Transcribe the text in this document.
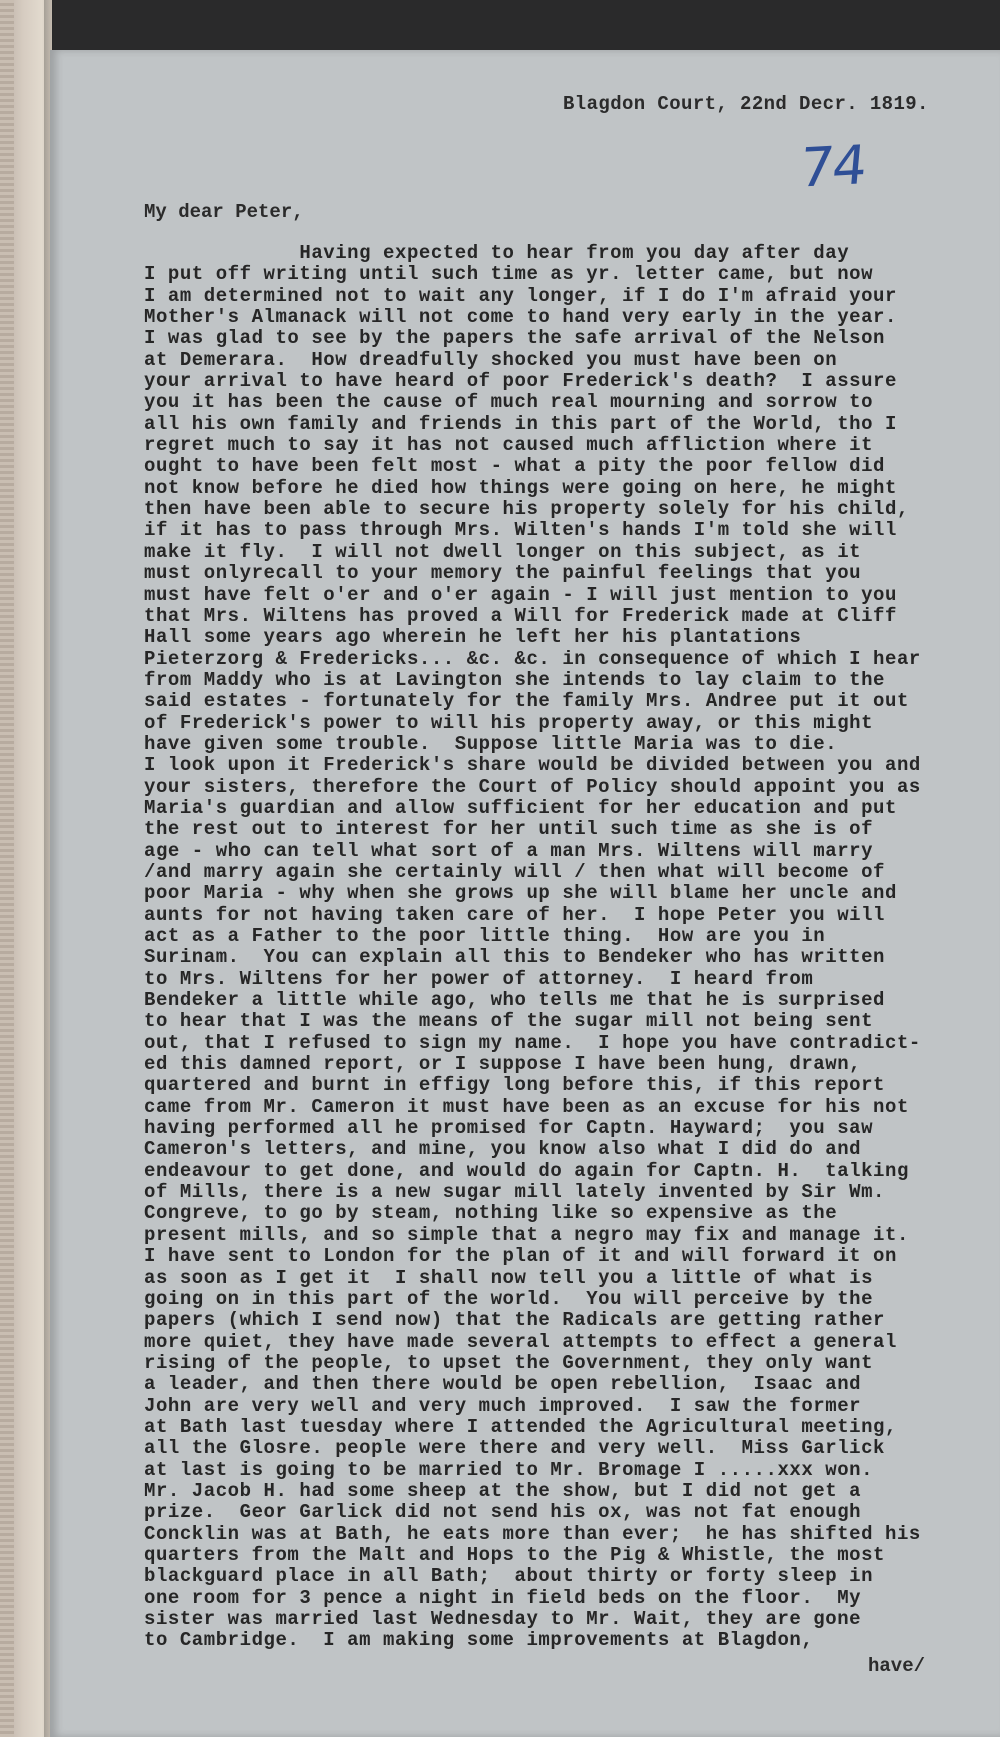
Blagdon Court, 22nd Decr. 1819.
74
My dear Peter,
Having expected to hear from you day after day
I put off writing until such time as yr. letter came, but now
I am determined not to wait any longer, if I do I'm afraid your
Mother's Almanack will not come to hand very early in the year.
I was glad to see by the papers the safe arrival of the Nelson
at Demerara.  How dreadfully shocked you must have been on
your arrival to have heard of poor Frederick's death?  I assure
you it has been the cause of much real mourning and sorrow to
all his own family and friends in this part of the World, tho I
regret much to say it has not caused much affliction where it
ought to have been felt most - what a pity the poor fellow did
not know before he died how things were going on here, he might
then have been able to secure his property solely for his child,
if it has to pass through Mrs. Wilten's hands I'm told she will
make it fly.  I will not dwell longer on this subject, as it
must onlyrecall to your memory the painful feelings that you
must have felt o'er and o'er again - I will just mention to you
that Mrs. Wiltens has proved a Will for Frederick made at Cliff
Hall some years ago wherein he left her his plantations
Pieterzorg & Fredericks... &c. &c. in consequence of which I hear
from Maddy who is at Lavington she intends to lay claim to the
said estates - fortunately for the family Mrs. Andree put it out
of Frederick's power to will his property away, or this might
have given some trouble.  Suppose little Maria was to die.
I look upon it Frederick's share would be divided between you and
your sisters, therefore the Court of Policy should appoint you as
Maria's guardian and allow sufficient for her education and put
the rest out to interest for her until such time as she is of
age - who can tell what sort of a man Mrs. Wiltens will marry
/and marry again she certainly will / then what will become of
poor Maria - why when she grows up she will blame her uncle and
aunts for not having taken care of her.  I hope Peter you will
act as a Father to the poor little thing.  How are you in
Surinam.  You can explain all this to Bendeker who has written
to Mrs. Wiltens for her power of attorney.  I heard from
Bendeker a little while ago, who tells me that he is surprised
to hear that I was the means of the sugar mill not being sent
out, that I refused to sign my name.  I hope you have contradict-
ed this damned report, or I suppose I have been hung, drawn,
quartered and burnt in effigy long before this, if this report
came from Mr. Cameron it must have been as an excuse for his not
having performed all he promised for Captn. Hayward;  you saw
Cameron's letters, and mine, you know also what I did do and
endeavour to get done, and would do again for Captn. H.  talking
of Mills, there is a new sugar mill lately invented by Sir Wm.
Congreve, to go by steam, nothing like so expensive as the
present mills, and so simple that a negro may fix and manage it.
I have sent to London for the plan of it and will forward it on
as soon as I get it  I shall now tell you a little of what is
going on in this part of the world.  You will perceive by the
papers (which I send now) that the Radicals are getting rather
more quiet, they have made several attempts to effect a general
rising of the people, to upset the Government, they only want
a leader, and then there would be open rebellion,  Isaac and
John are very well and very much improved.  I saw the former
at Bath last tuesday where I attended the Agricultural meeting,
all the Glosre. people were there and very well.  Miss Garlick
at last is going to be married to Mr. Bromage I .....xxx won.
Mr. Jacob H. had some sheep at the show, but I did not get a
prize.  Geor Garlick did not send his ox, was not fat enough
Concklin was at Bath, he eats more than ever;  he has shifted his
quarters from the Malt and Hops to the Pig & Whistle, the most
blackguard place in all Bath;  about thirty or forty sleep in
one room for 3 pence a night in field beds on the floor.  My
sister was married last Wednesday to Mr. Wait, they are gone
to Cambridge.  I am making some improvements at Blagdon,
have/
